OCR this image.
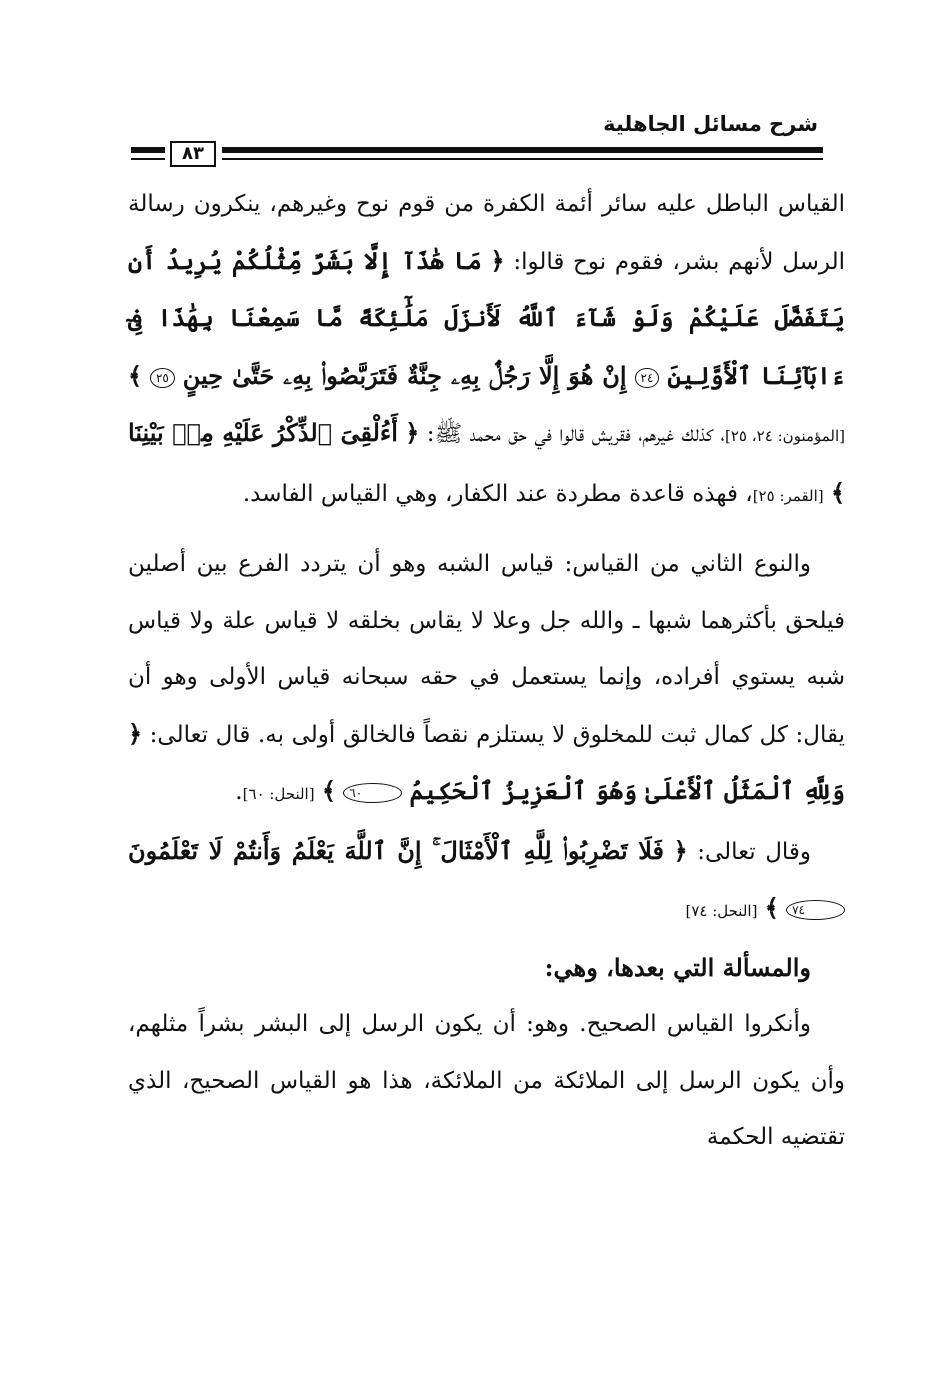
شرح مسائل الجاهلية
٨٣

القياس الباطل عليه سائر أئمة الكفرة من قوم نوح وغيرهم، ينكرون رسالة الرسل لأنهم بشر، فقوم نوح قالوا: ﴿ مَا هَٰذَآ إِلَّا بَشَرٌ مِّثْلُكُمْ يُرِيدُ أَن يَتَفَضَّلَ عَلَيْكُمْ وَلَوْ شَآءَ ٱللَّهُ لَأَنزَلَ مَلَٰٓئِكَةً مَّا سَمِعْنَا بِهَٰذَا فِىٓ ءَابَآئِنَا ٱلْأَوَّلِينَ ٢٤ إِنْ هُوَ إِلَّا رَجُلٌۢ بِهِۦ جِنَّةٌ فَتَرَبَّصُوا۟ بِهِۦ حَتَّىٰ حِينٍ ٢٥ ﴾ [المؤمنون: ٢٤، ٢٥]، كذلك غيرهم، فقريش قالوا في حق محمد ﷺ: ﴿ أَءُلْقِىَ ٱلذِّكْرُ عَلَيْهِ مِنۢ بَيْنِنَا ﴾ [القمر: ٢٥]، فهذه قاعدة مطردة عند الكفار، وهي القياس الفاسد.

والنوع الثاني من القياس: قياس الشبه وهو أن يتردد الفرع بين أصلين فيلحق بأكثرهما شبها ـ والله جل وعلا لا يقاس بخلقه لا قياس علة ولا قياس شبه يستوي أفراده، وإنما يستعمل في حقه سبحانه قياس الأولى وهو أن يقال: كل كمال ثبت للمخلوق لا يستلزم نقصاً فالخالق أولى به. قال تعالى: ﴿ وَلِلَّهِ ٱلْمَثَلُ ٱلْأَعْلَىٰ وَهُوَ ٱلْعَزِيزُ ٱلْحَكِيمُ ٦٠ ﴾ [النحل: ٦٠].

وقال تعالى: ﴿ فَلَا تَضْرِبُوا۟ لِلَّهِ ٱلْأَمْثَالَ ۚ إِنَّ ٱللَّهَ يَعْلَمُ وَأَنتُمْ لَا تَعْلَمُونَ ٧٤ ﴾ [النحل: ٧٤]

والمسألة التي بعدها، وهي:

وأنكروا القياس الصحيح. وهو: أن يكون الرسل إلى البشر بشراً مثلهم، وأن يكون الرسل إلى الملائكة من الملائكة، هذا هو القياس الصحيح، الذي تقتضيه الحكمة
